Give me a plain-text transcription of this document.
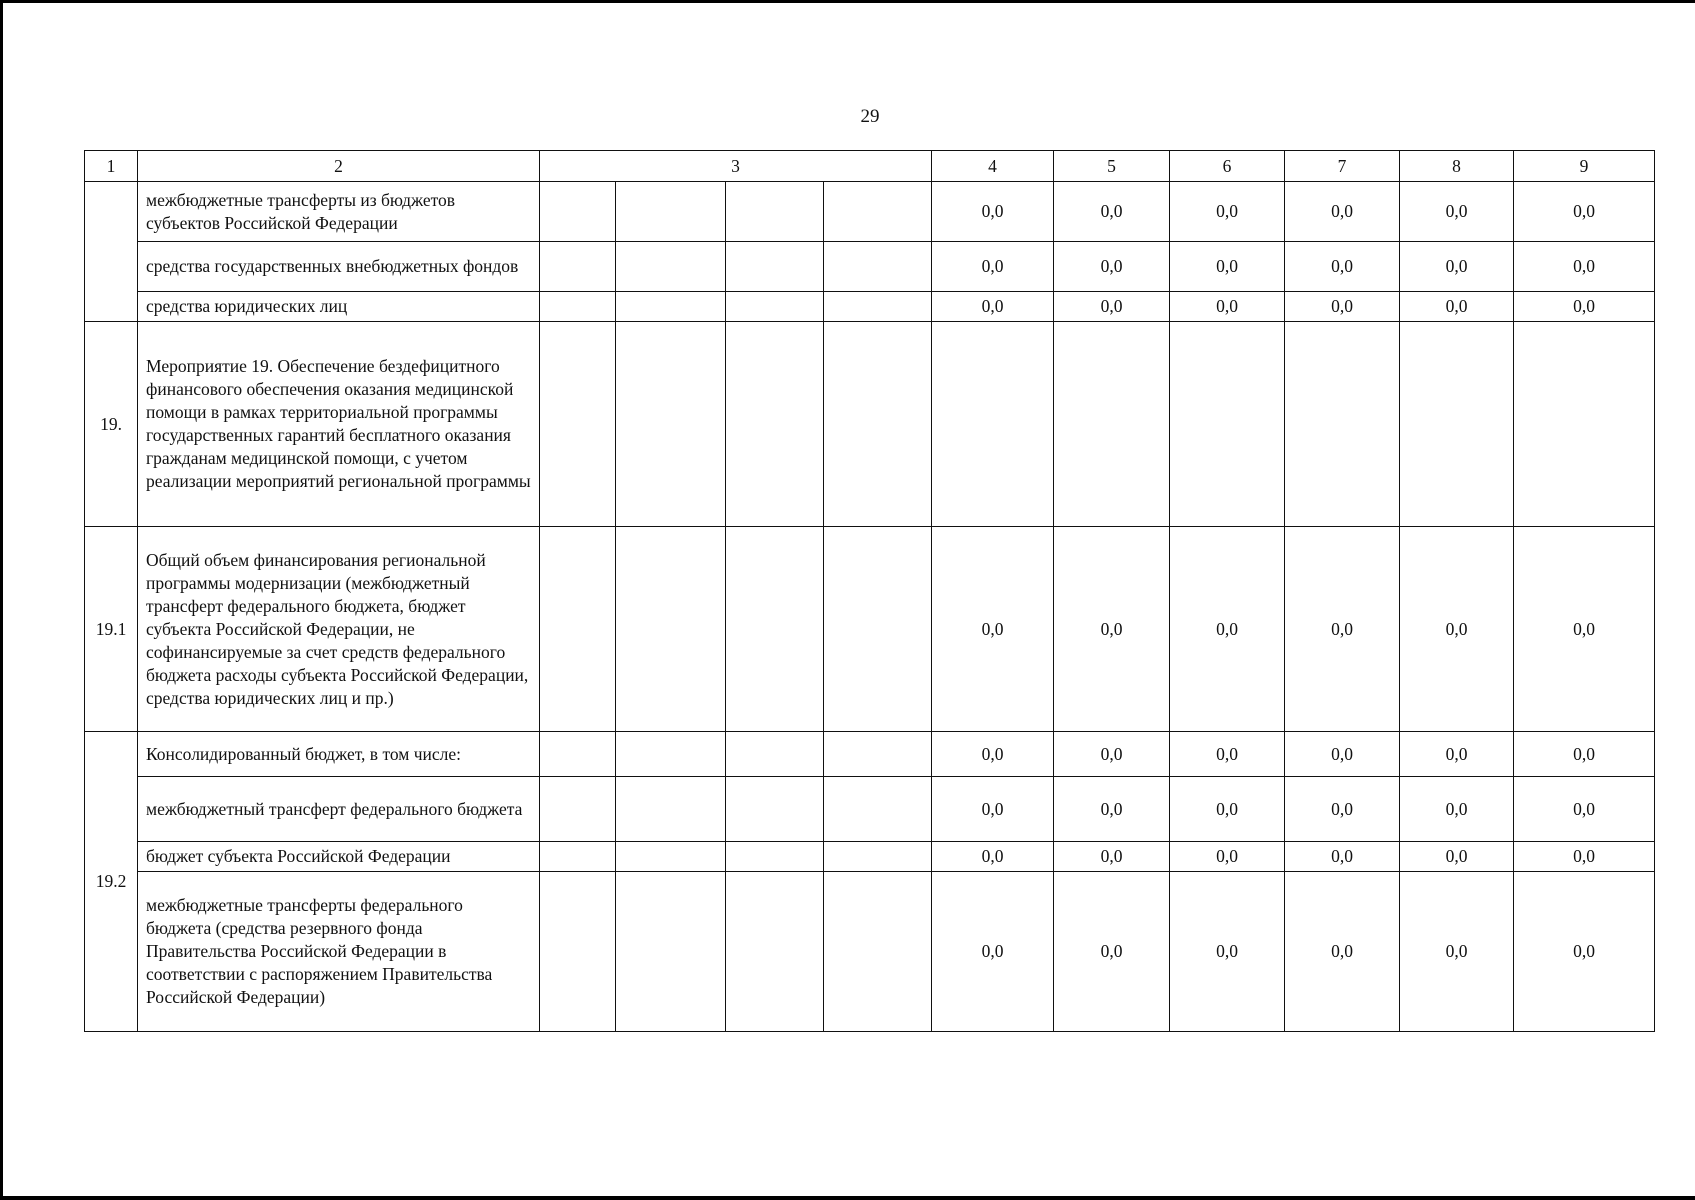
29
1	2	3				4	5	6	7	8	9
	межбюджетные трансферты из бюджетов субъектов Российской Федерации					0,0	0,0	0,0	0,0	0,0	0,0
	средства государственных внебюджетных фондов					0,0	0,0	0,0	0,0	0,0	0,0
	средства юридических лиц					0,0	0,0	0,0	0,0	0,0	0,0
19.	Мероприятие 19. Обеспечение бездефицитного финансового обеспечения оказания медицинской помощи в рамках территориальной программы государственных гарантий бесплатного оказания гражданам медицинской помощи, с учетом реализации мероприятий региональной программы										
19.1	Общий объем финансирования региональной программы модернизации (межбюджетный трансферт федерального бюджета, бюджет субъекта Российской Федерации, не софинансируемые за счет средств федерального бюджета расходы субъекта Российской Федерации, средства юридических лиц и пр.)					0,0	0,0	0,0	0,0	0,0	0,0
19.2	Консолидированный бюджет, в том числе:					0,0	0,0	0,0	0,0	0,0	0,0
	межбюджетный трансферт федерального бюджета					0,0	0,0	0,0	0,0	0,0	0,0
	бюджет субъекта Российской Федерации					0,0	0,0	0,0	0,0	0,0	0,0
	межбюджетные трансферты федерального бюджета (средства резервного фонда Правительства Российской Федерации в соответствии с распоряжением Правительства Российской Федерации)					0,0	0,0	0,0	0,0	0,0	0,0
